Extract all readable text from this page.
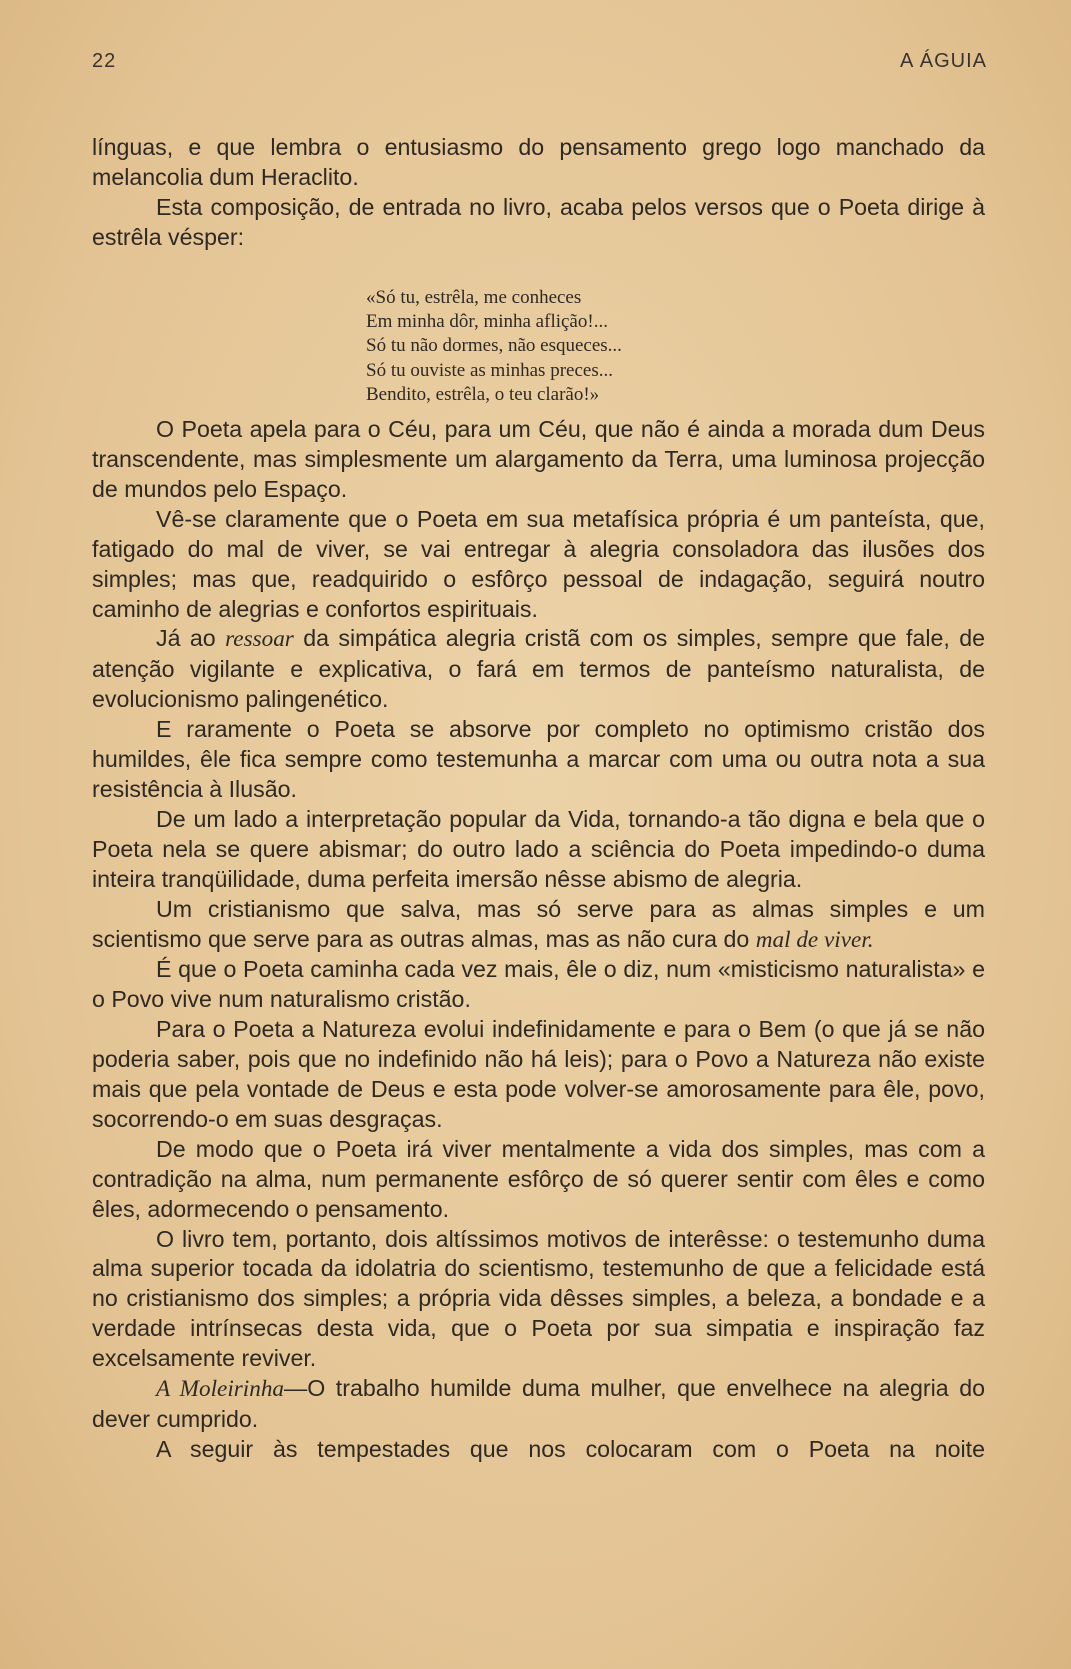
22	A ÁGUIA

línguas, e que lembra o entusiasmo do pensamento grego logo manchado da melancolia dum Heraclito.

Esta composição, de entrada no livro, acaba pelos versos que o Poeta dirige à estrêla vésper:

«Só tu, estrêla, me conheces
Em minha dôr, minha aflição!...
Só tu não dormes, não esqueces...
Só tu ouviste as minhas preces...
Bendito, estrêla, o teu clarão!»

O Poeta apela para o Céu, para um Céu, que não é ainda a morada dum Deus transcendente, mas simplesmente um alargamento da Terra, uma luminosa projecção de mundos pelo Espaço.

Vê-se claramente que o Poeta em sua metafísica própria é um panteísta, que, fatigado do mal de viver, se vai entregar à alegria consoladora das ilusões dos simples; mas que, readquirido o esfôrço pessoal de indagação, seguirá noutro caminho de alegrias e confortos espirituais.

Já ao ressoar da simpática alegria cristã com os simples, sempre que fale, de atenção vigilante e explicativa, o fará em termos de panteísmo naturalista, de evolucionismo palingenético.

E raramente o Poeta se absorve por completo no optimismo cristão dos humildes, êle fica sempre como testemunha a marcar com uma ou outra nota a sua resistência à Ilusão.

De um lado a interpretação popular da Vida, tornando-a tão digna e bela que o Poeta nela se quere abismar; do outro lado a sciência do Poeta impedindo-o duma inteira tranqüilidade, duma perfeita imersão nêsse abismo de alegria.

Um cristianismo que salva, mas só serve para as almas simples e um scientismo que serve para as outras almas, mas as não cura do mal de viver.

É que o Poeta caminha cada vez mais, êle o diz, num «misticismo naturalista» e o Povo vive num naturalismo cristão.

Para o Poeta a Natureza evolui indefinidamente e para o Bem (o que já se não poderia saber, pois que no indefinido não há leis); para o Povo a Natureza não existe mais que pela vontade de Deus e esta pode volver-se amorosamente para êle, povo, socorrendo-o em suas desgraças.

De modo que o Poeta irá viver mentalmente a vida dos simples, mas com a contradição na alma, num permanente esfôrço de só querer sentir com êles e como êles, adormecendo o pensamento.

O livro tem, portanto, dois altíssimos motivos de interêsse: o testemunho duma alma superior tocada da idolatria do scientismo, testemunho de que a felicidade está no cristianismo dos simples; a própria vida dêsses simples, a beleza, a bondade e a verdade intrínsecas desta vida, que o Poeta por sua simpatia e inspiração faz excelsamente reviver.

A Moleirinha—O trabalho humilde duma mulher, que envelhece na alegria do dever cumprido.

A seguir às tempestades que nos colocaram com o Poeta na noite
